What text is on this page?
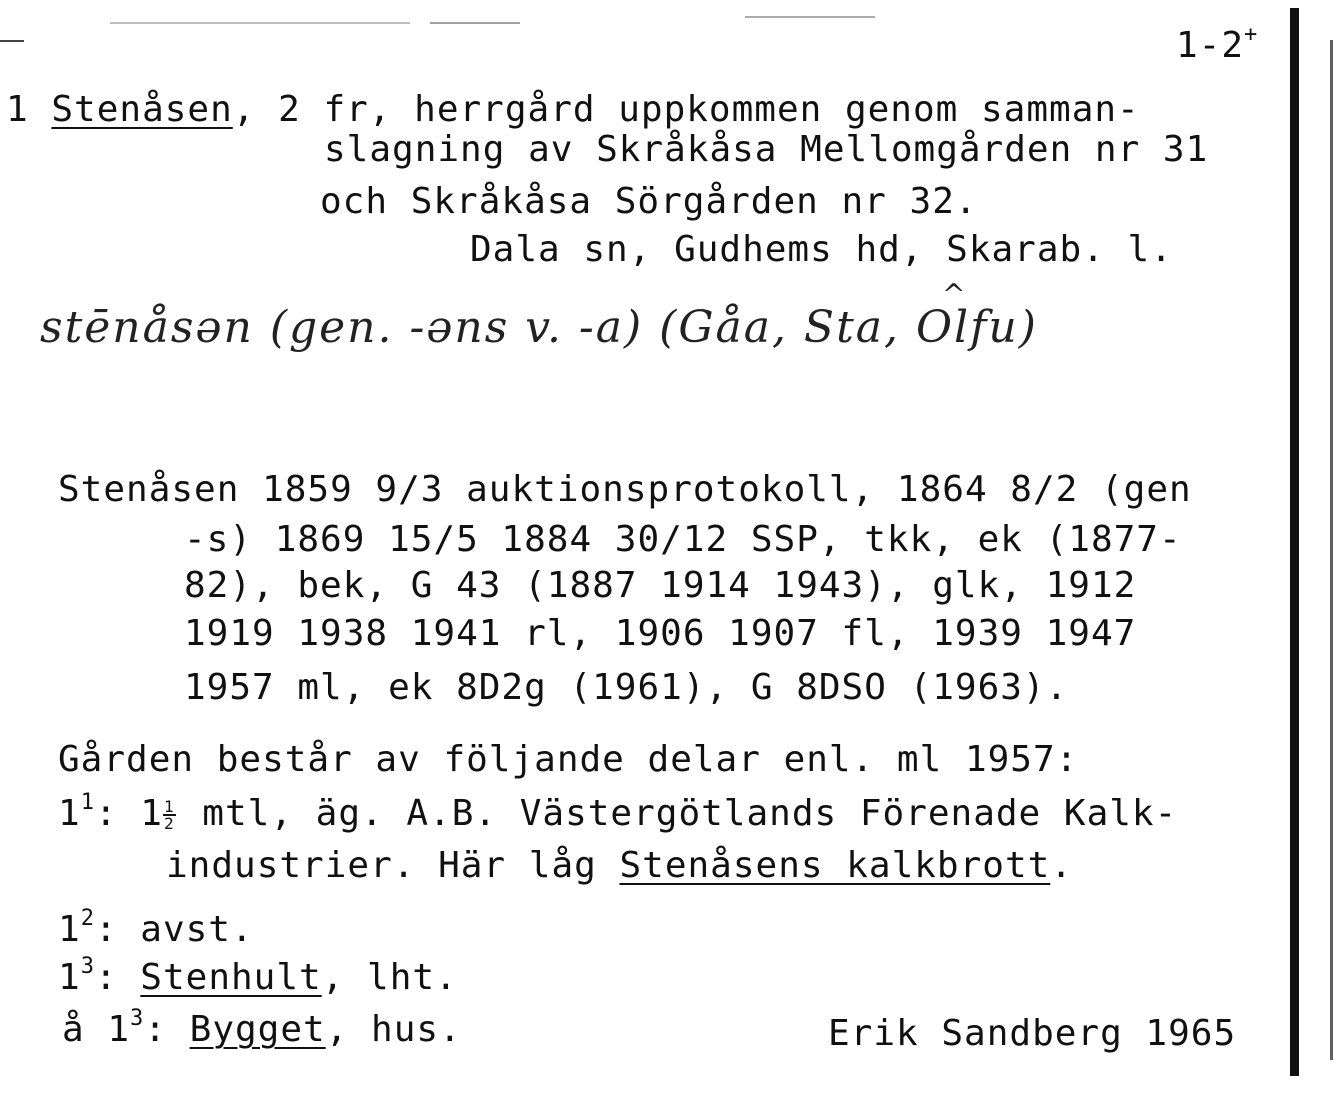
1-2+
1 Stenåsen, 2 fr, herrgård uppkommen genom samman-
slagning av Skråkåsa Mellomgården nr 31
och Skråkåsa Sörgården nr 32.
Dala sn, Gudhems hd, Skarab. l.
^
stēnåsən (gen. -əns v. -a) (Gåa, Sta, Olfu)
Stenåsen 1859 9/3 auktionsprotokoll, 1864 8/2 (gen
-s) 1869 15/5 1884 30/12 SSP, tkk, ek (1877-
82), bek, G 43 (1887 1914 1943), glk, 1912
1919 1938 1941 rl, 1906 1907 fl, 1939 1947
1957 ml, ek 8D2g (1961), G 8DSO (1963).
Gården består av följande delar enl. ml 1957:
$1^1$: $1 \frac{1}{2}$ mtl, äg. A.B. Västergötlands Förenade Kalk-
industrier. Här låg Stenåsens kalkbrott.
$1^2$: avst.
$1^3$: Stenhult, lht.
å $1^3$: Bygget, hus.	Erik Sandberg 1965
